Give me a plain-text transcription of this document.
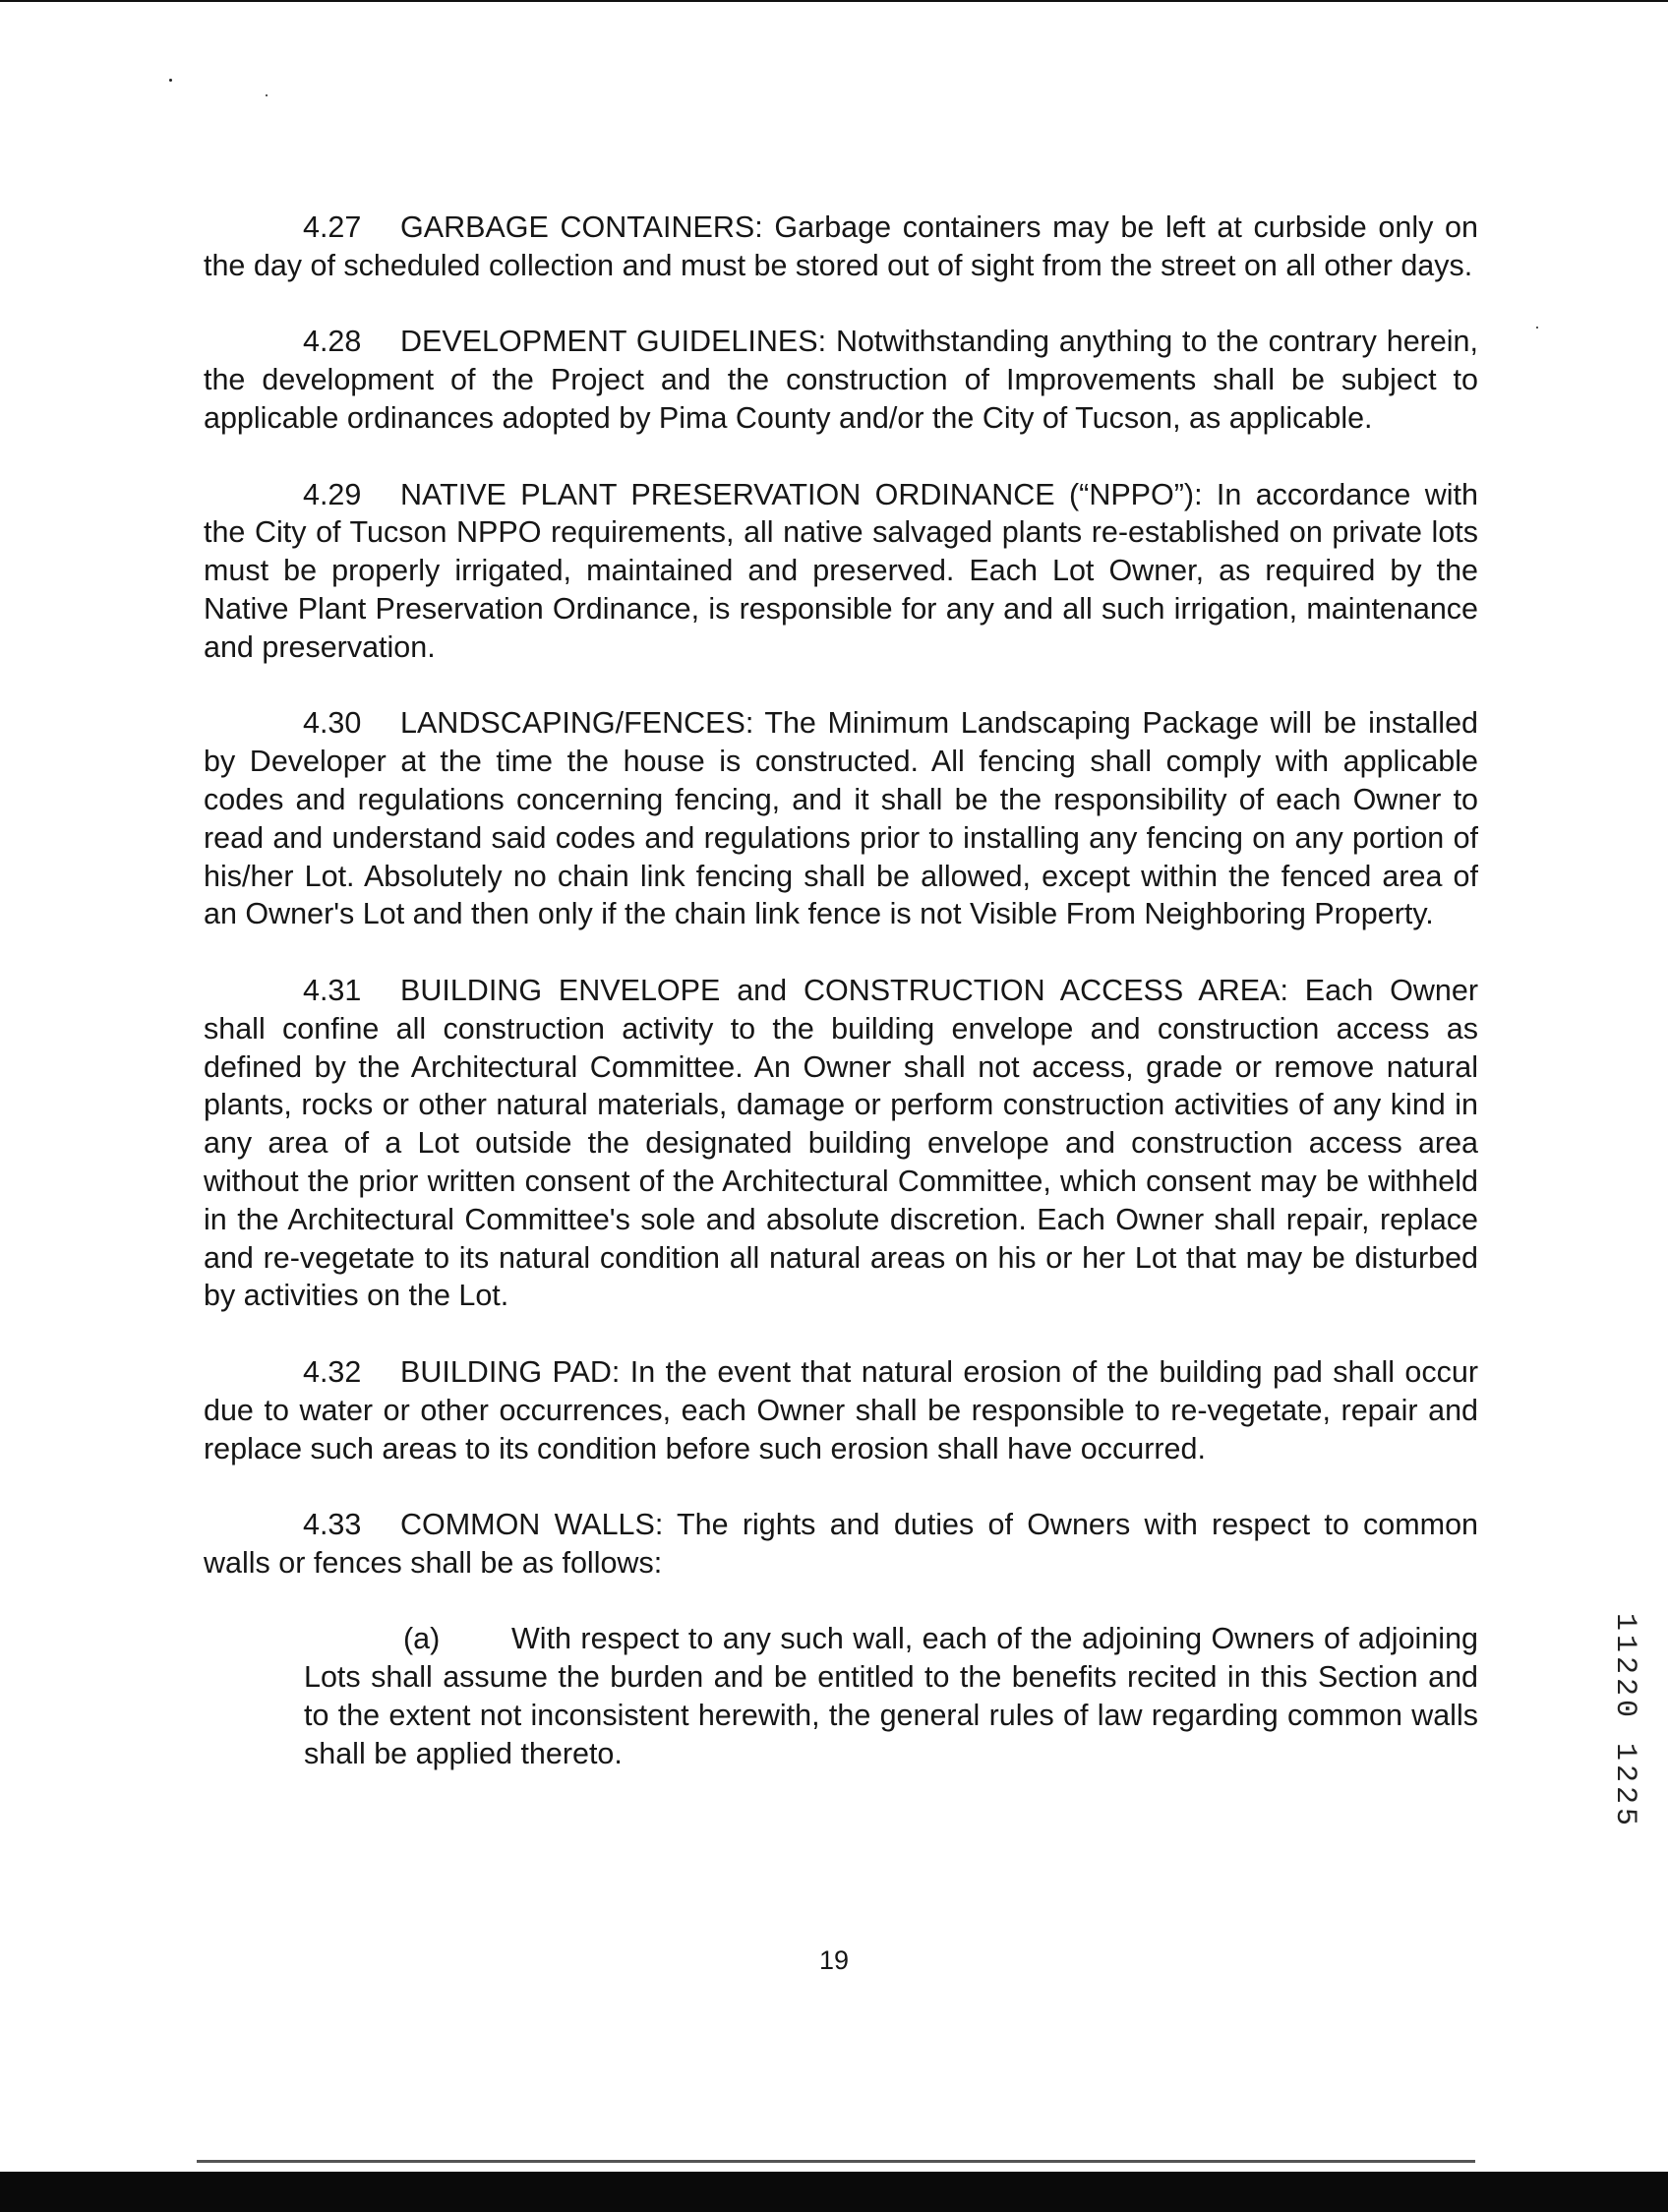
4.27 GARBAGE CONTAINERS: Garbage containers may be left at curbside only on the day of scheduled collection and must be stored out of sight from the street on all other days.

4.28 DEVELOPMENT GUIDELINES: Notwithstanding anything to the contrary herein, the development of the Project and the construction of Improvements shall be subject to applicable ordinances adopted by Pima County and/or the City of Tucson, as applicable.

4.29 NATIVE PLANT PRESERVATION ORDINANCE (“NPPO”): In accordance with the City of Tucson NPPO requirements, all native salvaged plants re-established on private lots must be properly irrigated, maintained and preserved. Each Lot Owner, as required by the Native Plant Preservation Ordinance, is responsible for any and all such irrigation, maintenance and preservation.

4.30 LANDSCAPING/FENCES: The Minimum Landscaping Package will be installed by Developer at the time the house is constructed. All fencing shall comply with applicable codes and regulations concerning fencing, and it shall be the responsibility of each Owner to read and understand said codes and regulations prior to installing any fencing on any portion of his/her Lot. Absolutely no chain link fencing shall be allowed, except within the fenced area of an Owner's Lot and then only if the chain link fence is not Visible From Neighboring Property.

4.31 BUILDING ENVELOPE and CONSTRUCTION ACCESS AREA: Each Owner shall confine all construction activity to the building envelope and construction access as defined by the Architectural Committee. An Owner shall not access, grade or remove natural plants, rocks or other natural materials, damage or perform construction activities of any kind in any area of a Lot outside the designated building envelope and construction access area without the prior written consent of the Architectural Committee, which consent may be withheld in the Architectural Committee's sole and absolute discretion. Each Owner shall repair, replace and re-vegetate to its natural condition all natural areas on his or her Lot that may be disturbed by activities on the Lot.

4.32 BUILDING PAD: In the event that natural erosion of the building pad shall occur due to water or other occurrences, each Owner shall be responsible to re-vegetate, repair and replace such areas to its condition before such erosion shall have occurred.

4.33 COMMON WALLS: The rights and duties of Owners with respect to common walls or fences shall be as follows:

(a) With respect to any such wall, each of the adjoining Owners of adjoining Lots shall assume the burden and be entitled to the benefits recited in this Section and to the extent not inconsistent herewith, the general rules of law regarding common walls shall be applied thereto.

19
11220 1225
